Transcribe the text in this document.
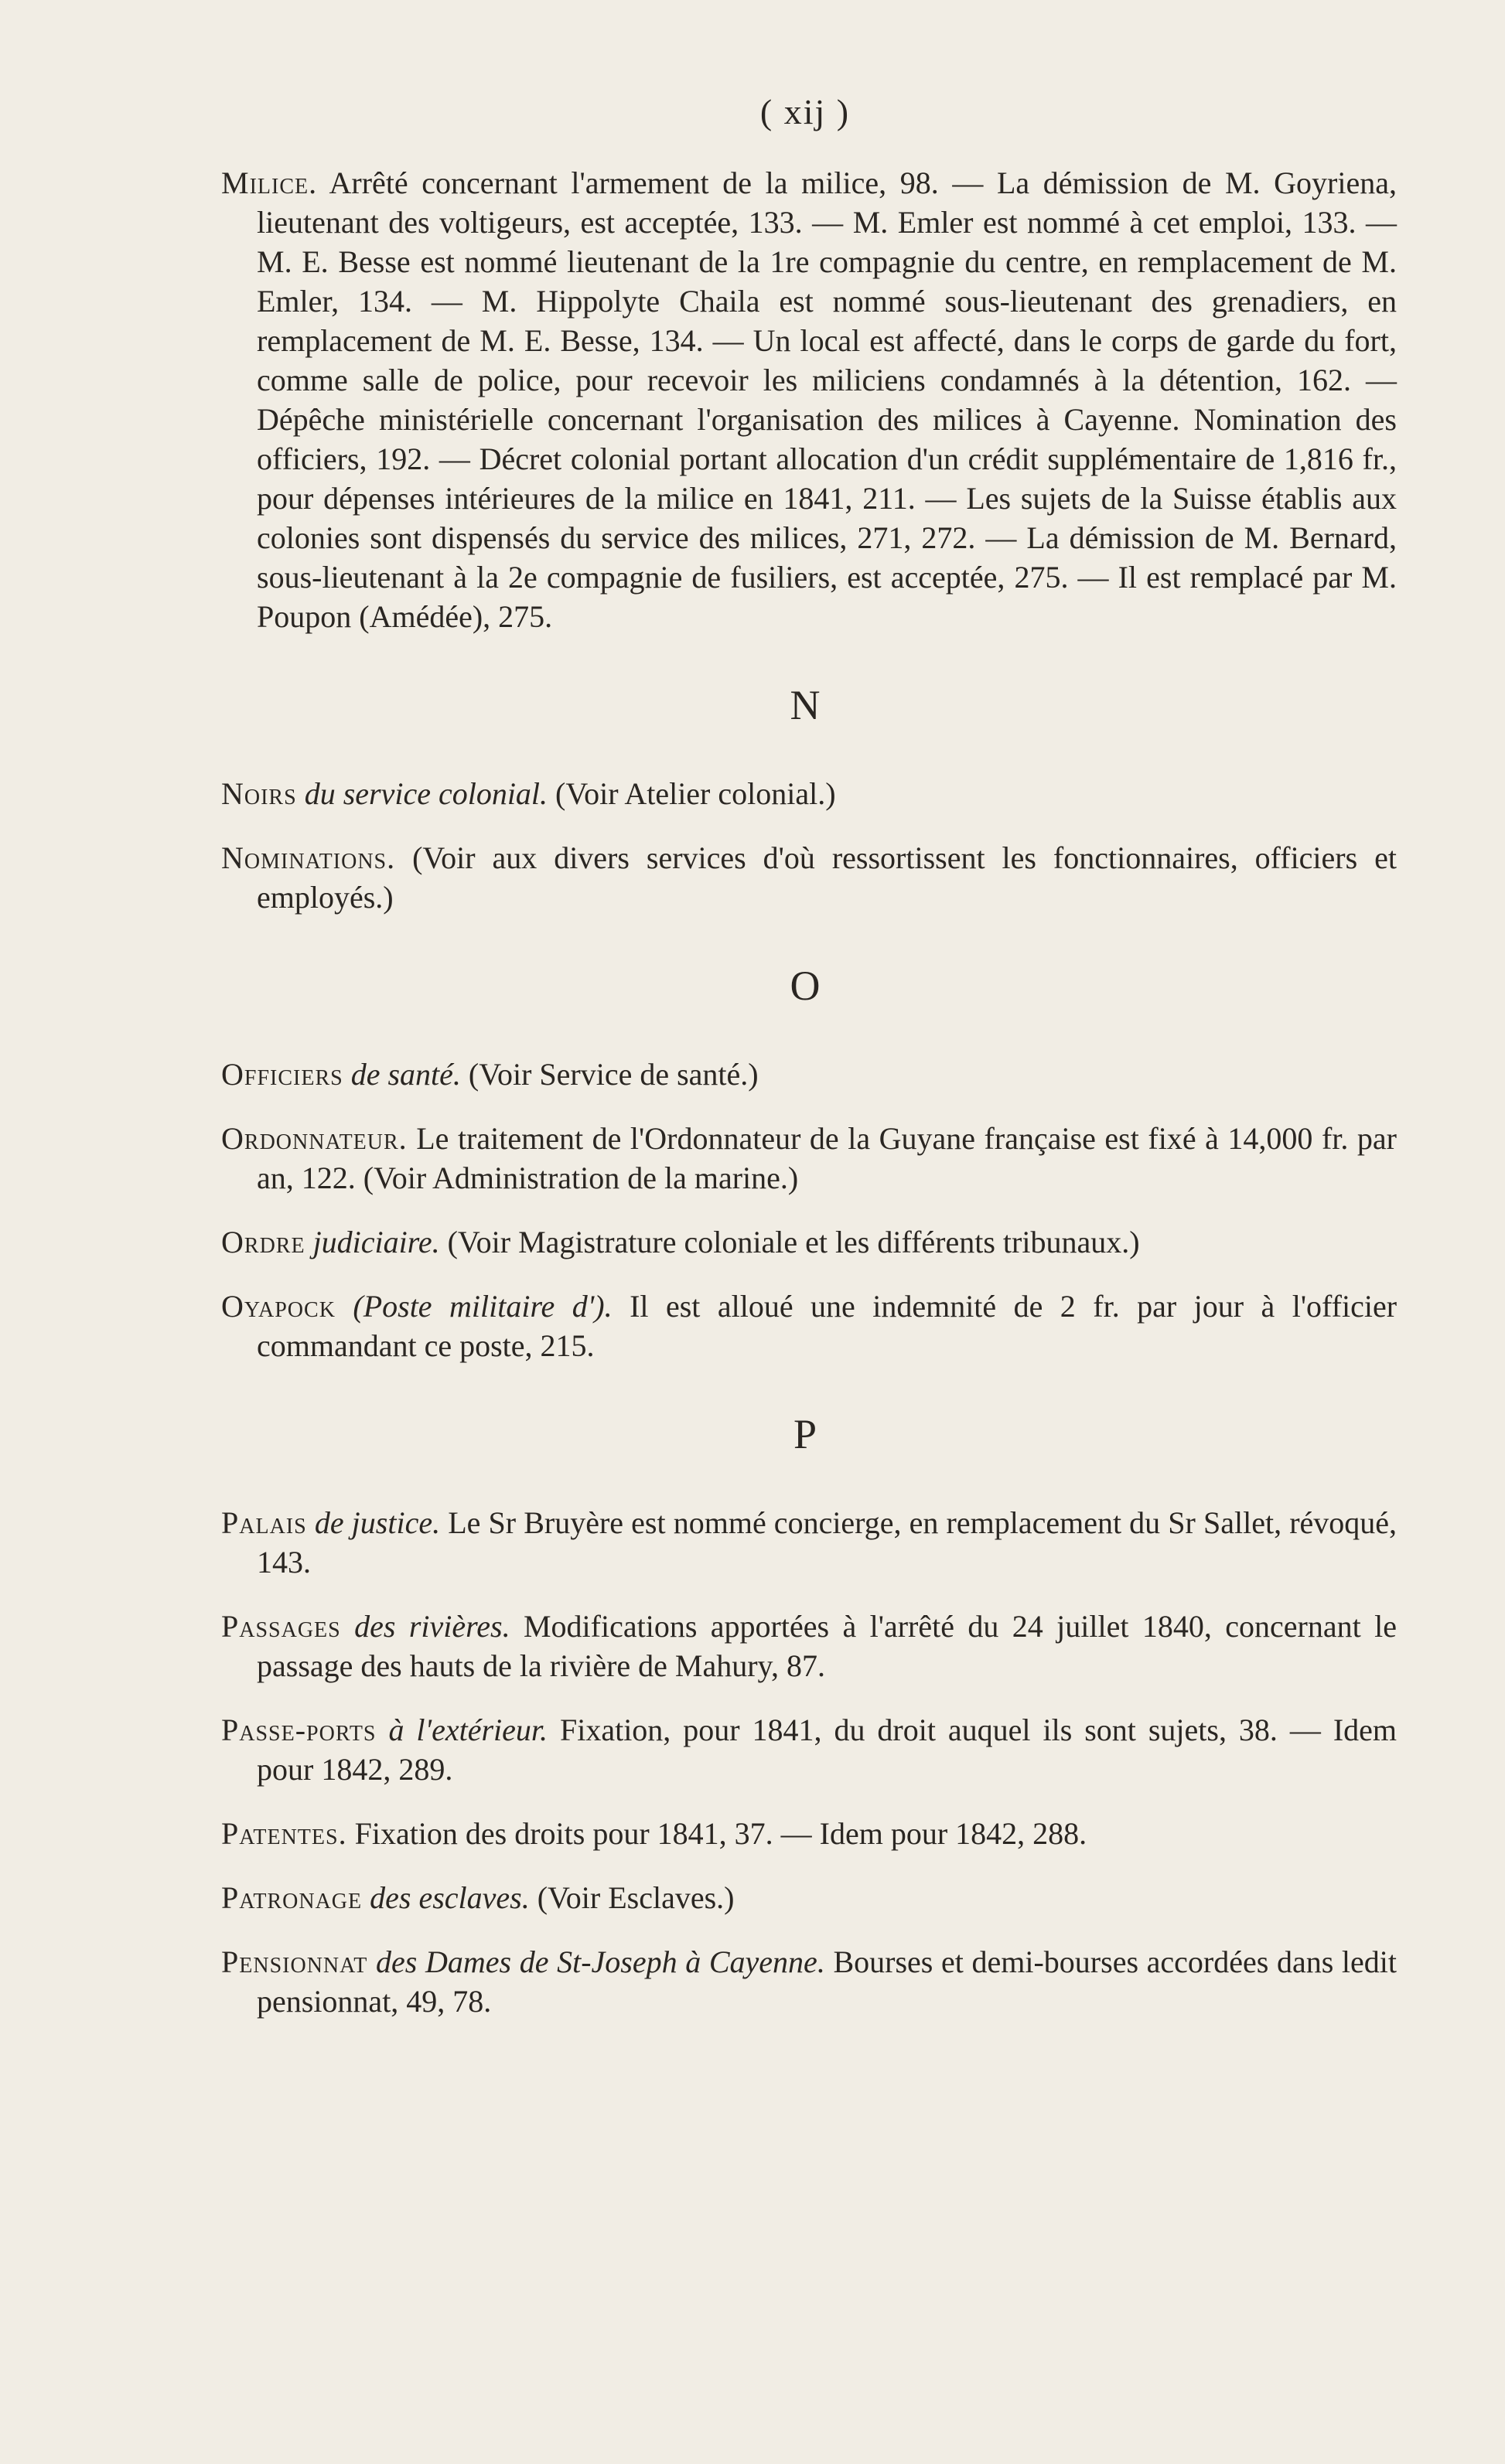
( xij )

Milice. Arrêté concernant l'armement de la milice, 98. — La démission de M. Goyriena, lieutenant des voltigeurs, est acceptée, 133. — M. Emler est nommé à cet emploi, 133. — M. E. Besse est nommé lieutenant de la 1re compagnie du centre, en remplacement de M. Emler, 134. — M. Hippolyte Chaila est nommé sous-lieutenant des grenadiers, en remplacement de M. E. Besse, 134. — Un local est affecté, dans le corps de garde du fort, comme salle de police, pour recevoir les miliciens condamnés à la détention, 162. — Dépêche ministérielle concernant l'organisation des milices à Cayenne. Nomination des officiers, 192. — Décret colonial portant allocation d'un crédit supplémentaire de 1,816 fr., pour dépenses intérieures de la milice en 1841, 211. — Les sujets de la Suisse établis aux colonies sont dispensés du service des milices, 271, 272. — La démission de M. Bernard, sous-lieutenant à la 2e compagnie de fusiliers, est acceptée, 275. — Il est remplacé par M. Poupon (Amédée), 275.

N

Noirs du service colonial. (Voir Atelier colonial.)

Nominations. (Voir aux divers services d'où ressortissent les fonctionnaires, officiers et employés.)

O

Officiers de santé. (Voir Service de santé.)

Ordonnateur. Le traitement de l'Ordonnateur de la Guyane française est fixé à 14,000 fr. par an, 122. (Voir Administration de la marine.)

Ordre judiciaire. (Voir Magistrature coloniale et les différents tribunaux.)

Oyapock (Poste militaire d'). Il est alloué une indemnité de 2 fr. par jour à l'officier commandant ce poste, 215.

P

Palais de justice. Le Sr Bruyère est nommé concierge, en remplacement du Sr Sallet, révoqué, 143.

Passages des rivières. Modifications apportées à l'arrêté du 24 juillet 1840, concernant le passage des hauts de la rivière de Mahury, 87.

Passe-ports à l'extérieur. Fixation, pour 1841, du droit auquel ils sont sujets, 38. — Idem pour 1842, 289.

Patentes. Fixation des droits pour 1841, 37. — Idem pour 1842, 288.

Patronage des esclaves. (Voir Esclaves.)

Pensionnat des Dames de St-Joseph à Cayenne. Bourses et demi-bourses accordées dans ledit pensionnat, 49, 78.
